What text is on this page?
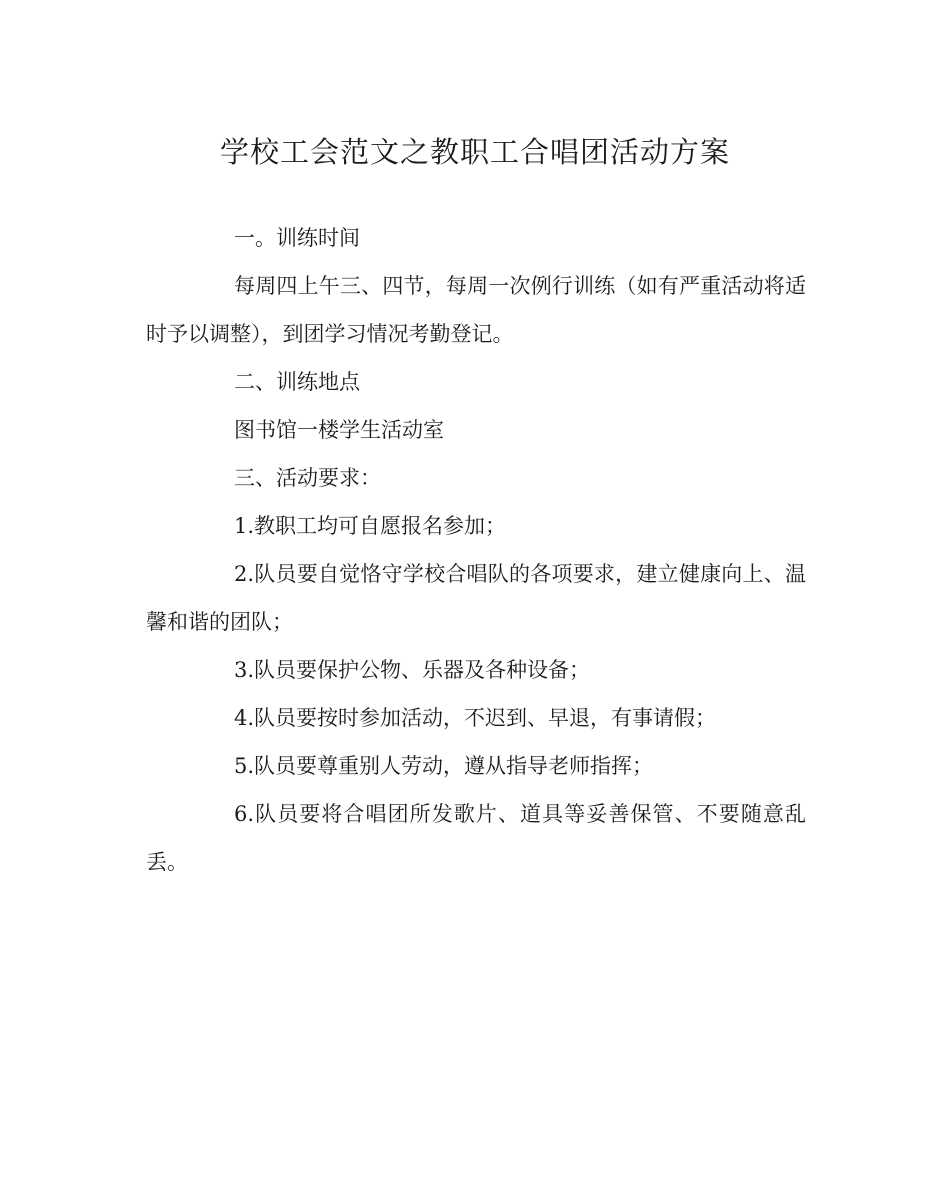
学校工会范文之教职工合唱团活动方案

一。训练时间

每周四上午三、四节，每周一次例行训练（如有严重活动将适时予以调整），到团学习情况考勤登记。

二、训练地点

图书馆一楼学生活动室

三、活动要求：

1.教职工均可自愿报名参加；

2.队员要自觉恪守学校合唱队的各项要求，建立健康向上、温馨和谐的团队；

3.队员要保护公物、乐器及各种设备；

4.队员要按时参加活动，不迟到、早退，有事请假；

5.队员要尊重别人劳动，遵从指导老师指挥；

6.队员要将合唱团所发歌片、道具等妥善保管、不要随意乱丢。
